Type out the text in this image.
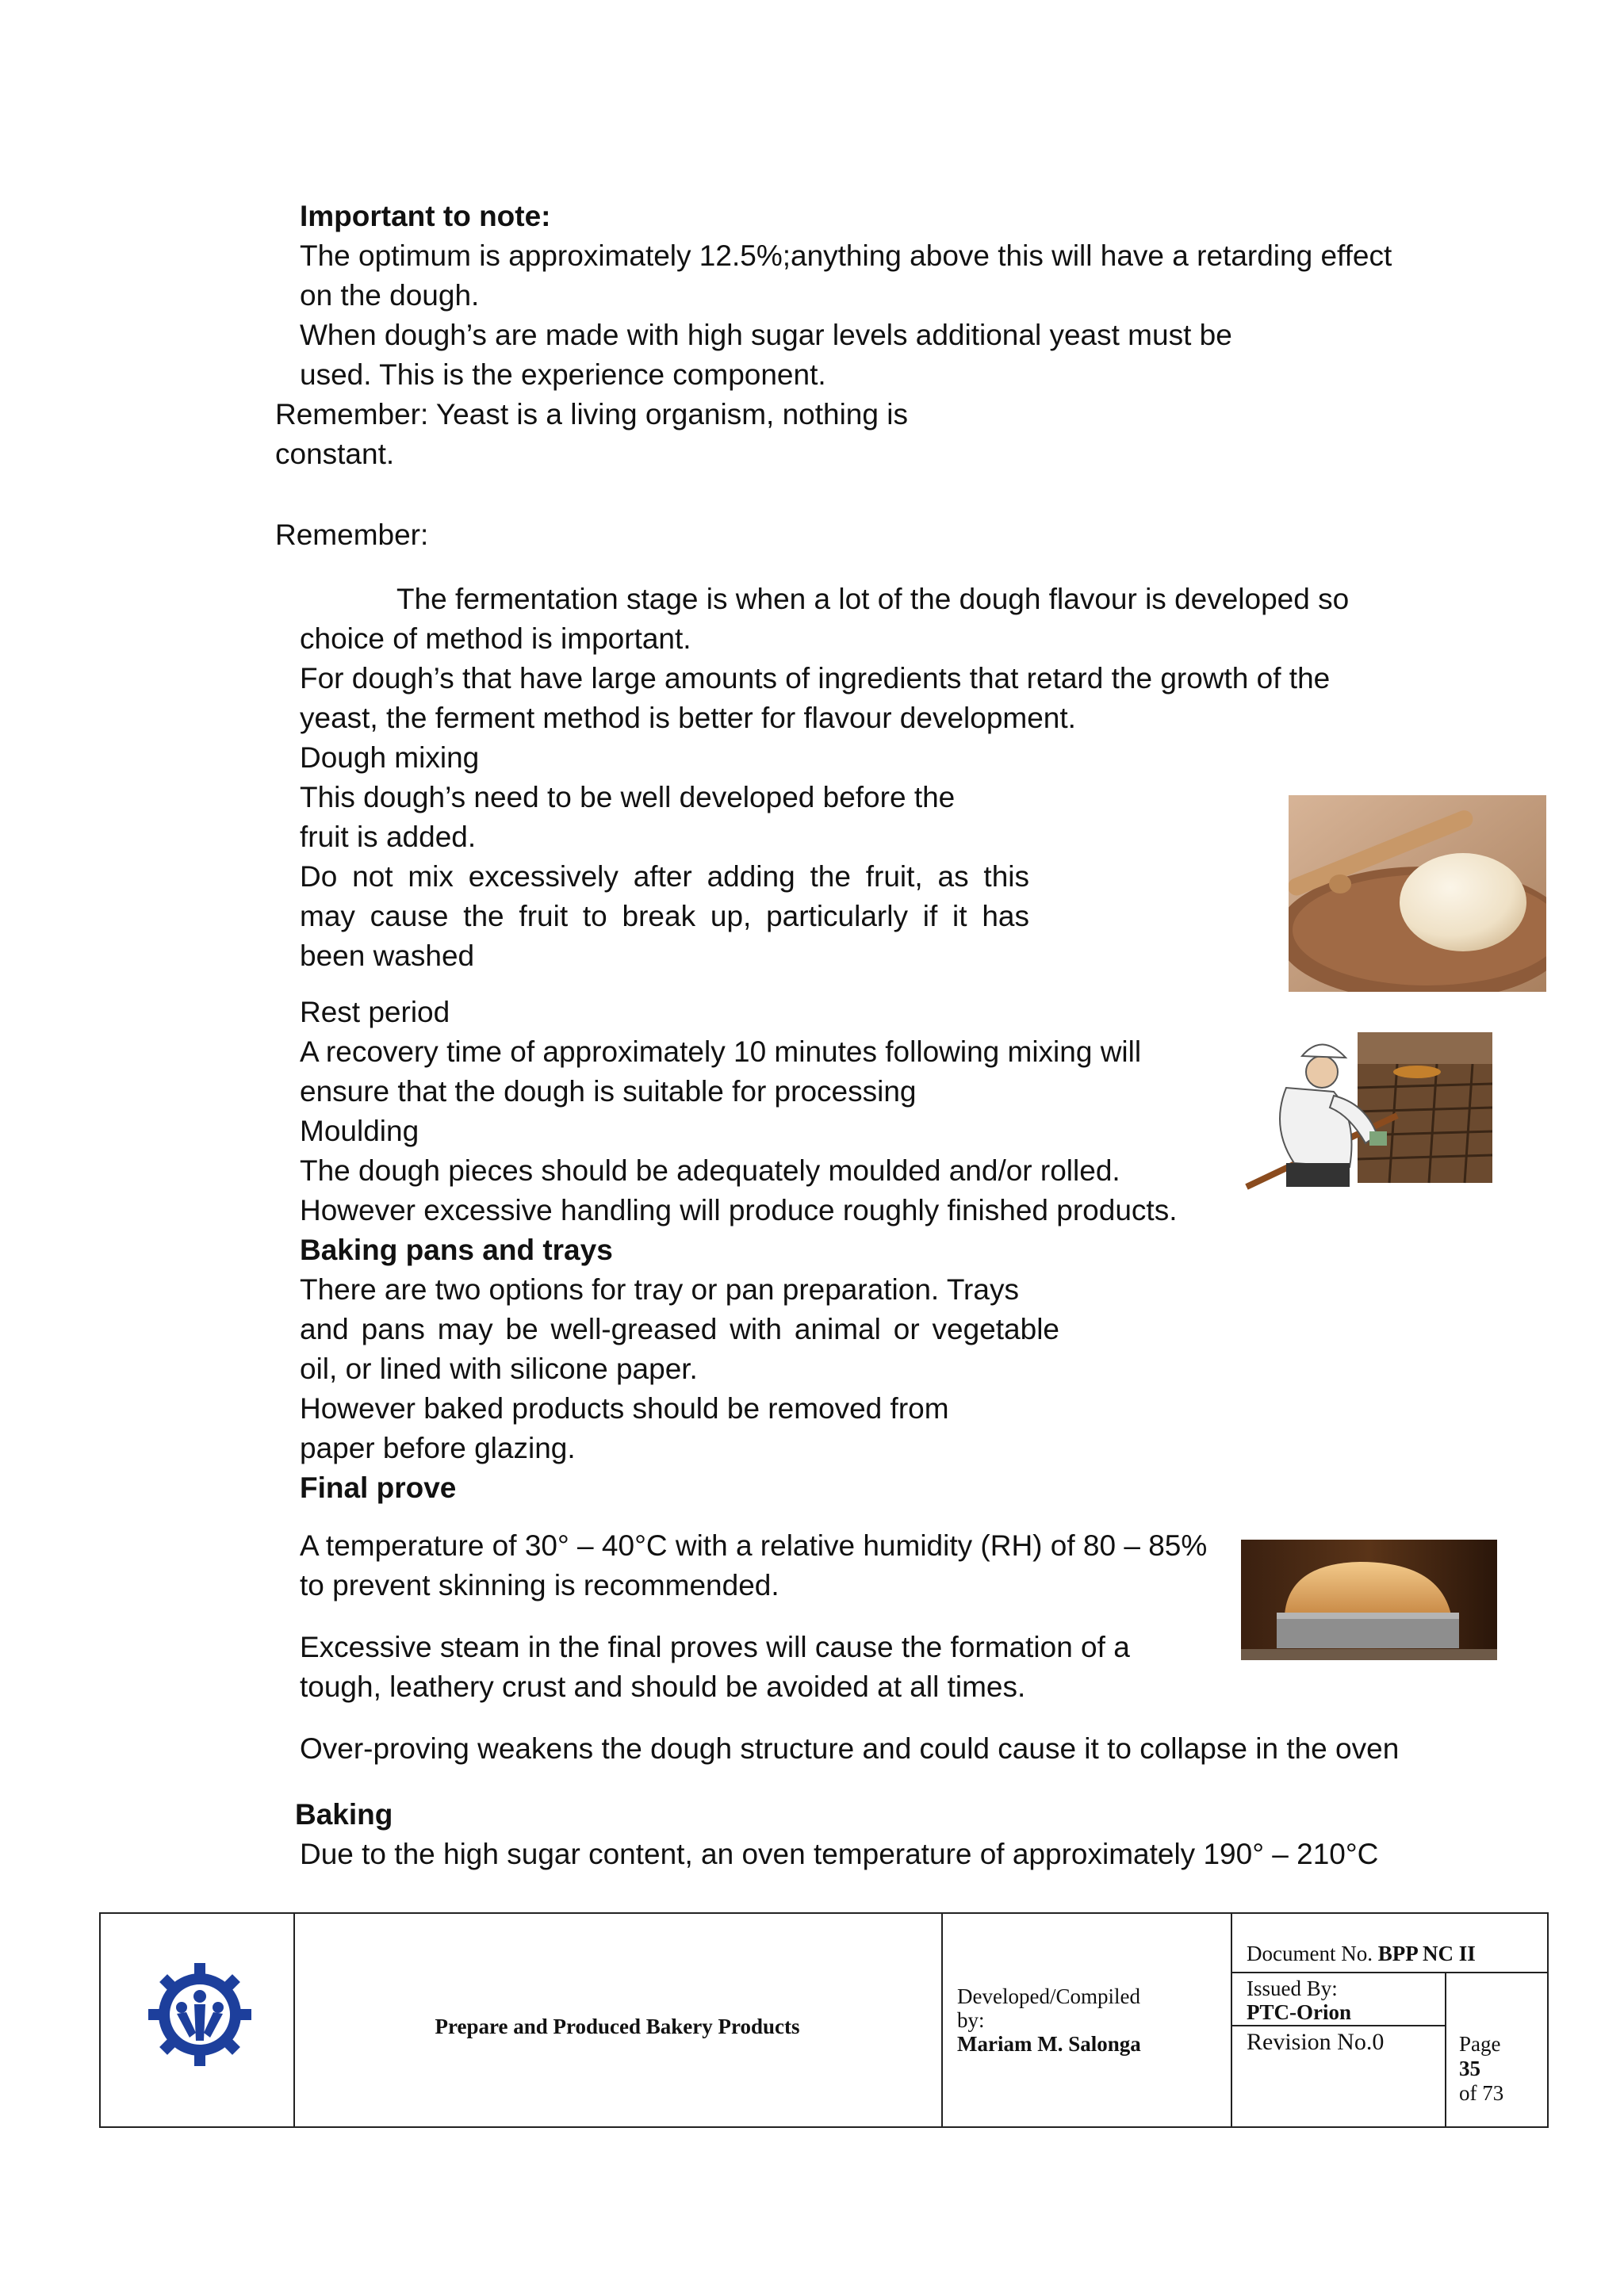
Important to note:

The optimum is approximately 12.5%;anything above this will have a retarding effect

on the dough.

When dough’s are made with high sugar levels additional yeast must be

used. This is the experience component.

Remember: Yeast is a living organism, nothing is

constant.

Remember:

The fermentation stage is when a lot of the dough flavour is developed so

choice of method is important.

For dough’s that have large amounts of ingredients that retard the growth of the

yeast, the ferment method is better for flavour development.

Dough mixing

This dough’s need to be well developed before the

fruit is added.

Do not mix excessively after adding the fruit, as this

may cause the fruit to break up, particularly if it has

been washed

Rest period

A recovery time of approximately 10 minutes following mixing will

ensure that the dough is suitable for processing

Moulding

The dough pieces should be adequately moulded and/or rolled.

However excessive handling will produce roughly finished products.

Baking pans and trays

There are two options for tray or pan preparation. Trays

and pans may be well-greased with animal or vegetable

oil, or lined with silicone paper.

However baked products should be removed from

paper before glazing.

Final prove

A temperature of 30° – 40°C with a relative humidity (RH) of 80 – 85%

to prevent skinning is recommended.

Excessive steam in the final proves will cause the formation of a

tough, leathery crust and should be avoided at all times.

Over-proving weakens the dough structure and could cause it to collapse in the oven

Baking

Due to the high sugar content, an oven temperature of approximately 190° – 210°C

Prepare and Produced Bakery Products
Developed/Compiled
by:
Mariam M. Salonga
Document No. BPP NC II
Issued By:
PTC-Orion
Revision No.0	Page
35
of 73
